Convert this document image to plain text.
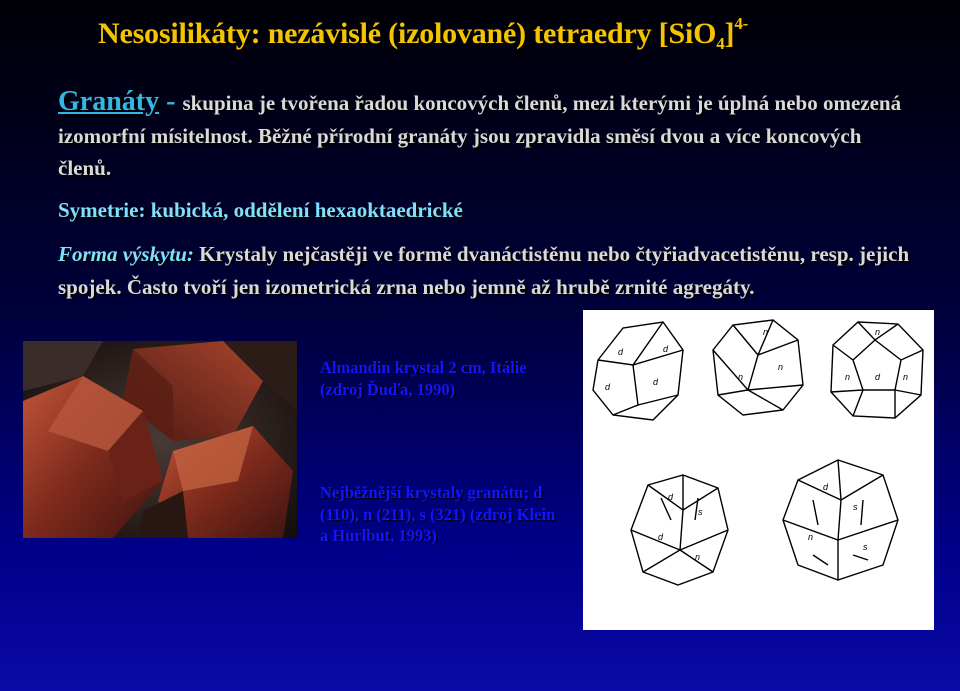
Nesosilikáty: nezávislé (izolované) tetraedry $[SiO_4]^{4-}$
Granáty - skupina je tvořena řadou koncových členů, mezi kterými je úplná nebo omezená izomorfní mísitelnost. Běžné přírodní granáty jsou zpravidla směsí dvou a více koncových členů.
Symetrie: kubická, oddělení hexaoktaedrické
Forma výskytu: Krystaly nejčastěji ve formě dvanáctistěnu nebo čtyřiadvacetistěnu, resp. jejich spojek. Často tvoří jen izometrická zrna nebo jemně až hrubě zrnité agregáty.
d	d
d	d
n
n
n
n
n	d	n
d
s
d
n
d
s
n
s
Almandin krystal 2 cm, Itálie (zdroj Ďuďa, 1990)
Nejběžnější krystaly granátu; d (110), n (211), s (321) (zdroj Klein a Hurlbut, 1993)
